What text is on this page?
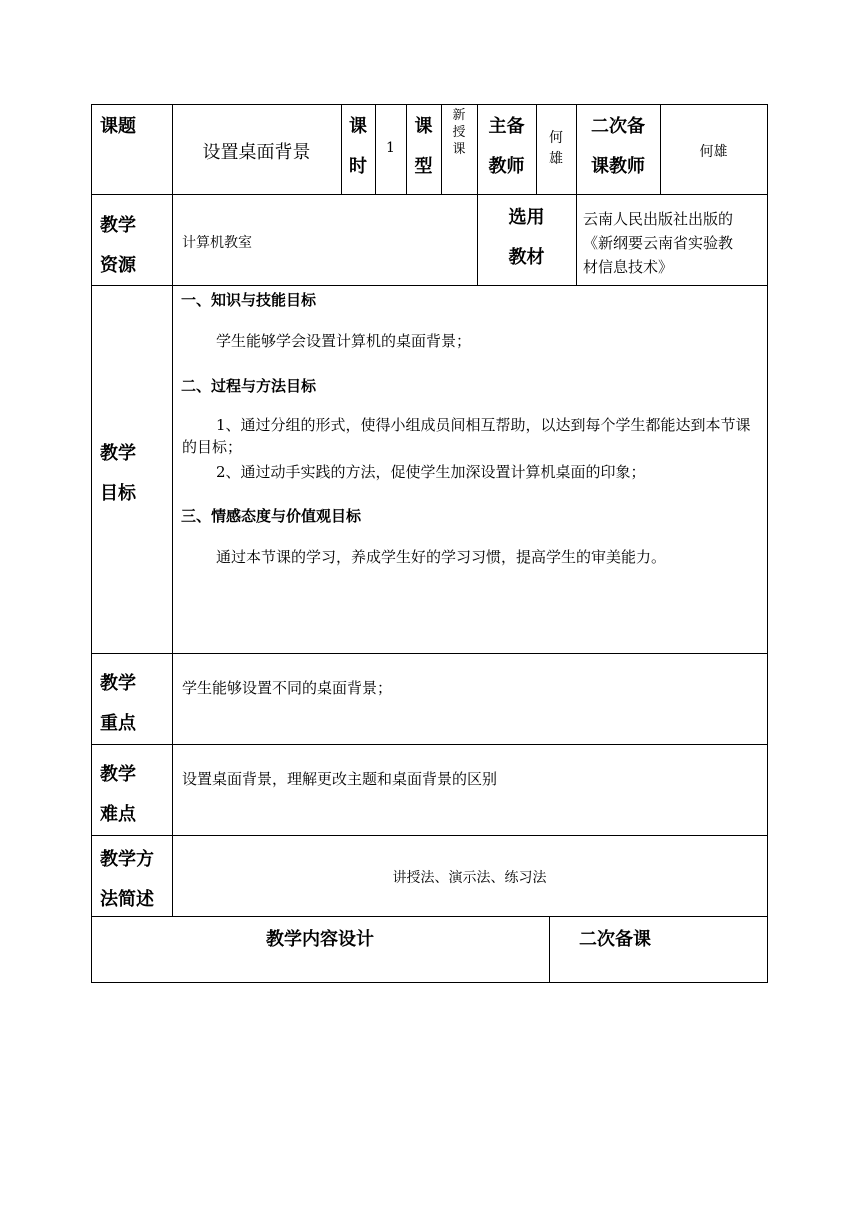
课题
设置桌面背景
课时
1
课型
新授课
主备教师
何雄
二次备课教师
何雄
教学资源
计算机教室
选用教材
云南人民出版社出版的
《新纲要云南省实验教
材信息技术》
教学目标
一、知识与技能目标
学生能够学会设置计算机的桌面背景；
二、过程与方法目标
1、通过分组的形式，使得小组成员间相互帮助，以达到每个学生都能达到本节课的目标；
2、通过动手实践的方法，促使学生加深设置计算机桌面的印象；
三、情感态度与价值观目标
通过本节课的学习，养成学生好的学习习惯，提高学生的审美能力。
教学重点
学生能够设置不同的桌面背景；
教学难点
设置桌面背景，理解更改主题和桌面背景的区别
教学方法简述
讲授法、演示法、练习法
教学内容设计	二次备课
